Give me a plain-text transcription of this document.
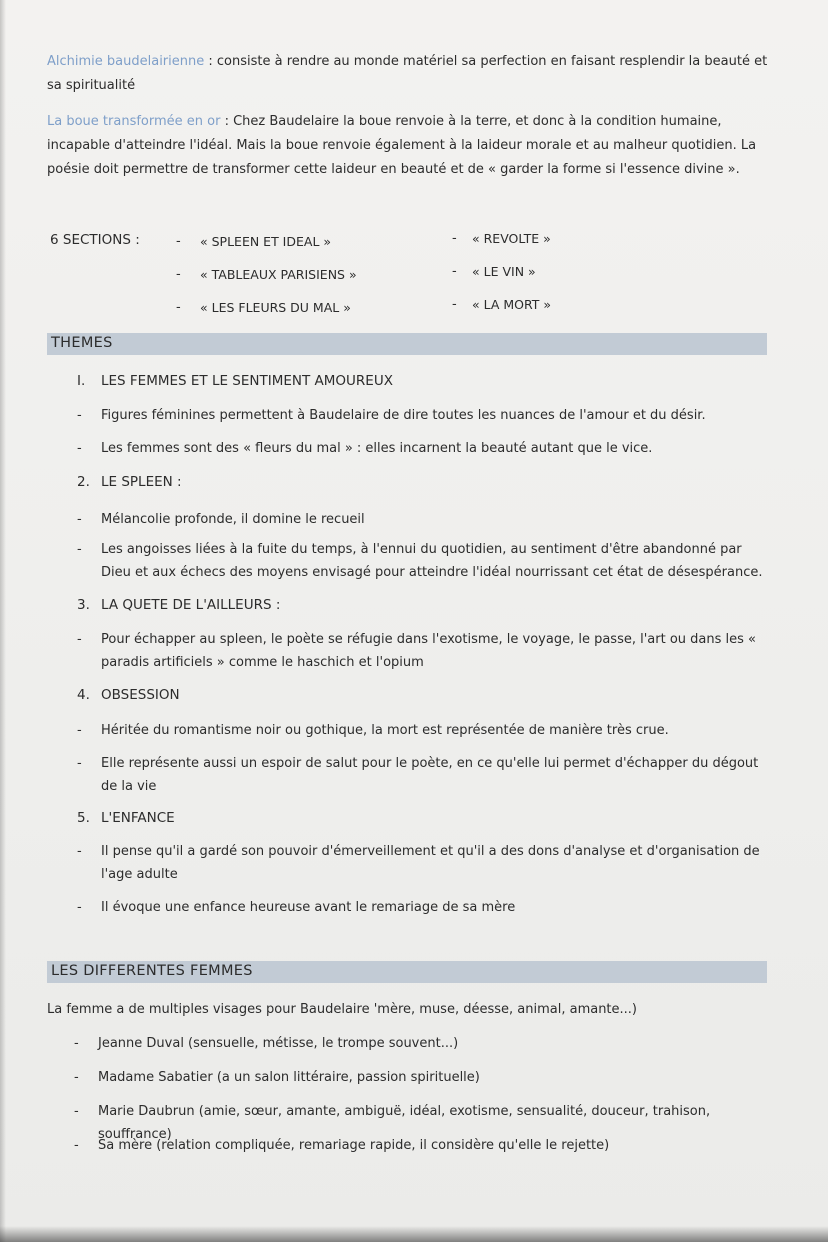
Alchimie baudelairienne : consiste à rendre au monde matériel sa perfection en faisant resplendir la beauté et sa spiritualité
La boue transformée en or : Chez Baudelaire la boue renvoie à la terre, et donc à la condition humaine, incapable d'atteindre l'idéal. Mais la boue renvoie également à la laideur morale et au malheur quotidien. La poésie doit permettre de transformer cette laideur en beauté et de « garder la forme si l'essence divine ».
6 SECTIONS :	- « SPLEEN ET IDEAL »
- « TABLEAUX PARISIENS »
- « LES FLEURS DU MAL »
- « REVOLTE »
- « LE VIN »
- « LA MORT »
THEMES
I. LES FEMMES ET LE SENTIMENT AMOUREUX
- Figures féminines permettent à Baudelaire de dire toutes les nuances de l'amour et du désir.
- Les femmes sont des « fleurs du mal » : elles incarnent la beauté autant que le vice.
2. LE SPLEEN :
- Mélancolie profonde, il domine le recueil
- Les angoisses liées à la fuite du temps, à l'ennui du quotidien, au sentiment d'être abandonné par Dieu et aux échecs des moyens envisagé pour atteindre l'idéal nourrissant cet état de désespérance.
3. LA QUETE DE L'AILLEURS :
- Pour échapper au spleen, le poète se réfugie dans l'exotisme, le voyage, le passe, l'art ou dans les « paradis artificiels » comme le haschich et l'opium
4. OBSESSION
- Héritée du romantisme noir ou gothique, la mort est représentée de manière très crue.
- Elle représente aussi un espoir de salut pour le poète, en ce qu'elle lui permet d'échapper du dégout de la vie
5. L'ENFANCE
- Il pense qu'il a gardé son pouvoir d'émerveillement et qu'il a des dons d'analyse et d'organisation de l'age adulte
- Il évoque une enfance heureuse avant le remariage de sa mère
LES DIFFERENTES FEMMES
La femme a de multiples visages pour Baudelaire 'mère, muse, déesse, animal, amante...)
- Jeanne Duval (sensuelle, métisse, le trompe souvent...)
- Madame Sabatier (a un salon littéraire, passion spirituelle)
- Marie Daubrun (amie, sœur, amante, ambiguë, idéal, exotisme, sensualité, douceur, trahison, souffrance)
- Sa mère (relation compliquée, remariage rapide, il considère qu'elle le rejette)
